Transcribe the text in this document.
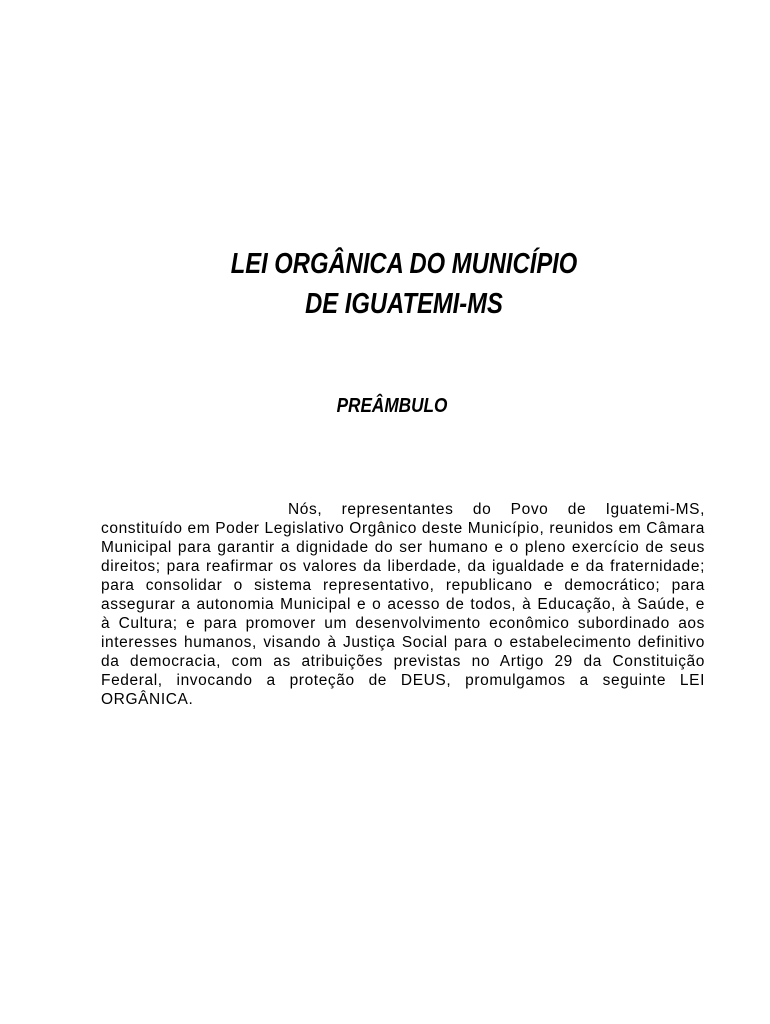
LEI ORGÂNICA DO MUNICÍPIO
DE IGUATEMI-MS
PREÂMBULO
Nós, representantes do Povo de Iguatemi-MS, constituído em Poder Legislativo Orgânico deste Município, reunidos em Câmara Municipal para garantir a dignidade do ser humano e o pleno exercício de seus direitos; para reafirmar os valores da liberdade, da igualdade e da fraternidade; para consolidar o sistema representativo, republicano e democrático; para assegurar a autonomia Municipal e o acesso de todos, à Educação, à Saúde, e à Cultura; e para promover um desenvolvimento econômico subordinado aos interesses humanos, visando à Justiça Social para o estabelecimento definitivo da democracia, com as atribuições previstas no Artigo 29 da Constituição Federal, invocando a proteção de DEUS, promulgamos a seguinte LEI ORGÂNICA.
